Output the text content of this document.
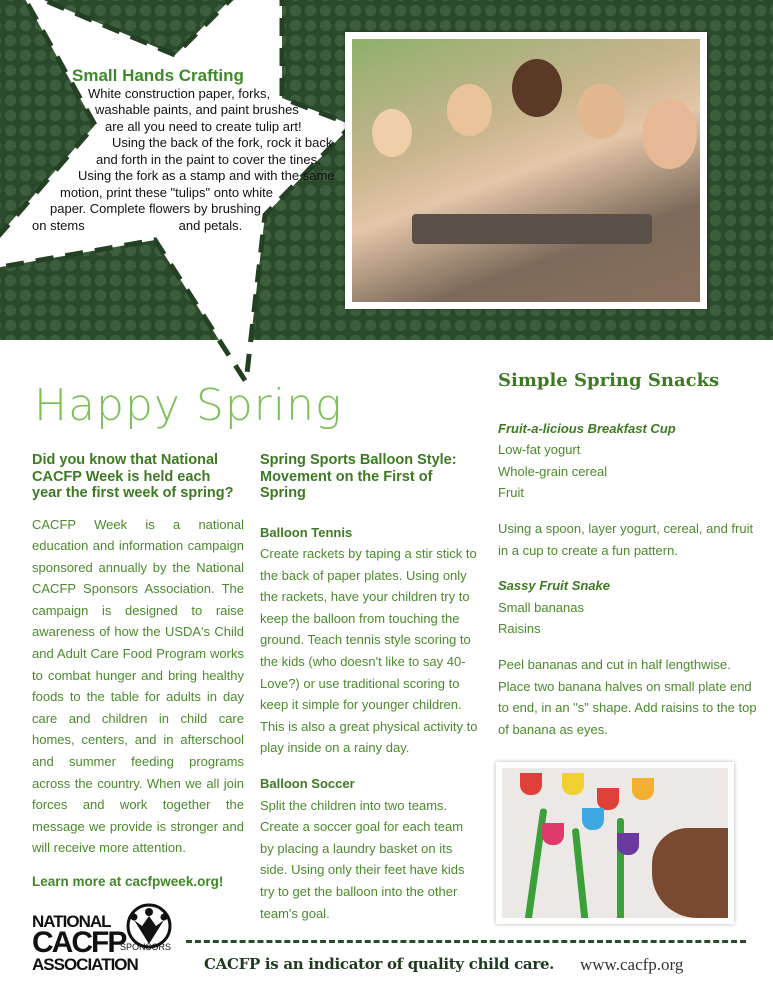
Small Hands Crafting
White construction paper, forks,
washable paints, and paint brushes
are all you need to create tulip art!
Using the back of the fork, rock it back
and forth in the paint to cover the tines.
Using the fork as a stamp and with the same
motion, print these "tulips" onto white
paper. Complete flowers by brushing
on stems                          and petals.
Happy Spring
Did you know that National CACFP Week is held each year the first week of spring?

CACFP Week is a national education and information campaign sponsored annually by the National CACFP Sponsors Association. The campaign is designed to raise awareness of how the USDA's Child and Adult Care Food Program works to combat hunger and bring healthy foods to the table for adults in day care and children in child care homes, centers, and in afterschool and summer feeding programs across the country. When we all join forces and work together the message we provide is stronger and will receive more attention.

Learn more at cacfpweek.org!
Spring Sports Balloon Style: Movement on the First of Spring
Balloon Tennis

Create rackets by taping a stir stick to the back of paper plates. Using only the rackets, have your children try to keep the balloon from touching the ground. Teach tennis style scoring to the kids (who doesn't like to say 40-Love?) or use traditional scoring to keep it simple for younger children. This is also a great physical activity to play inside on a rainy day.

Balloon Soccer

Split the children into two teams. Create a soccer goal for each team by placing a laundry basket on its side. Using only their feet have kids try to get the balloon into the other team's goal.

Simple Spring Snacks
Fruit-a-licious Breakfast Cup
Low-fat yogurt
Whole-grain cereal
Fruit

Using a spoon, layer yogurt, cereal, and fruit in a cup to create a fun pattern.

Sassy Fruit Snake
Small bananas
Raisins

Peel bananas and cut in half lengthwise. Place two banana halves on small plate end to end, in an "s" shape. Add raisins to the top of banana as eyes.

NATIONAL
CACFP
SPONSORS
ASSOCIATION	CACFP is an indicator of quality child care. www.cacfp.org
